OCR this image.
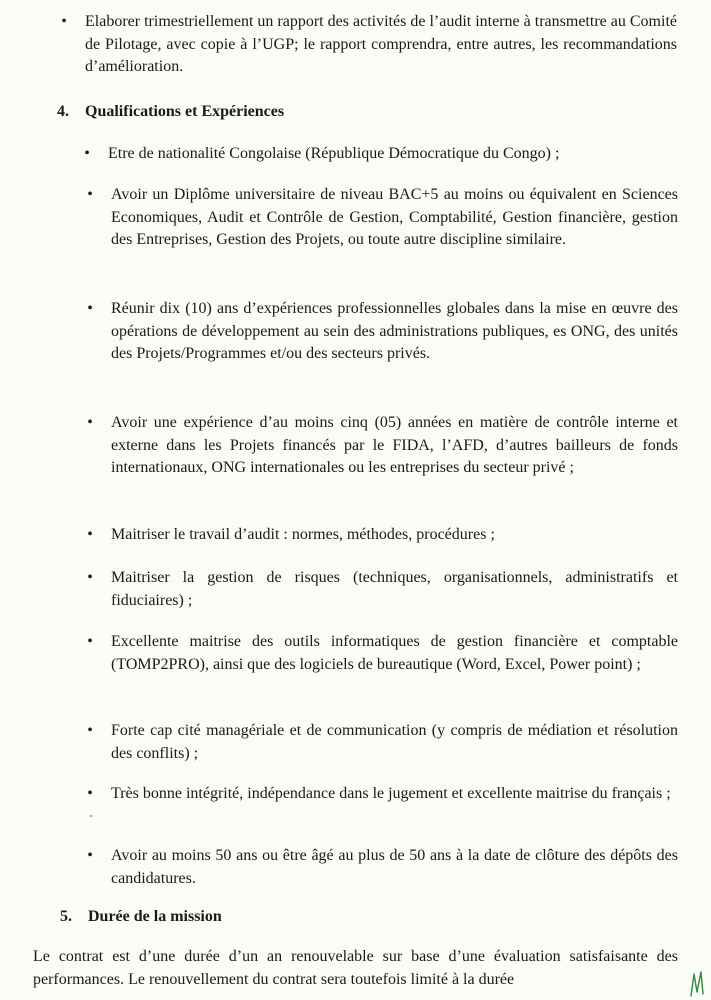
• Elaborer trimestriellement un rapport des activités de l’audit interne à transmettre au Comité de Pilotage, avec copie à l’UGP; le rapport comprendra, entre autres, les recommandations d’amélioration.
4. Qualifications et Expériences
• Etre de nationalité Congolaise (République Démocratique du Congo) ;
• Avoir un Diplôme universitaire de niveau BAC+5 au moins ou équivalent en Sciences Economiques, Audit et Contrôle de Gestion, Comptabilité, Gestion financière, gestion des Entreprises, Gestion des Projets, ou toute autre discipline similaire.
• Réunir dix (10) ans d’expériences professionnelles globales dans la mise en œuvre des opérations de développement au sein des administrations publiques, es ONG, des unités des Projets/Programmes et/ou des secteurs privés.
• Avoir une expérience d’au moins cinq (05) années en matière de contrôle interne et externe dans les Projets financés par le FIDA, l’AFD, d’autres bailleurs de fonds internationaux, ONG internationales ou les entreprises du secteur privé ;
• Maitriser le travail d’audit : normes, méthodes, procédures ;
• Maitriser la gestion de risques (techniques, organisationnels, administratifs et fiduciaires) ;
• Excellente maitrise des outils informatiques de gestion financière et comptable (TOMP2PRO), ainsi que des logiciels de bureautique (Word, Excel, Power point) ;
• Forte cap cité managériale et de communication (y compris de médiation et résolution des conflits) ;
• Très bonne intégrité, indépendance dans le jugement et excellente maitrise du français ;
• Avoir au moins 50 ans ou être âgé au plus de 50 ans à la date de clôture des dépôts des candidatures.
5. Durée de la mission
Le contrat est d’une durée d’un an renouvelable sur base d’une évaluation satisfaisante des performances. Le renouvellement du contrat sera toutefois limité à la durée
